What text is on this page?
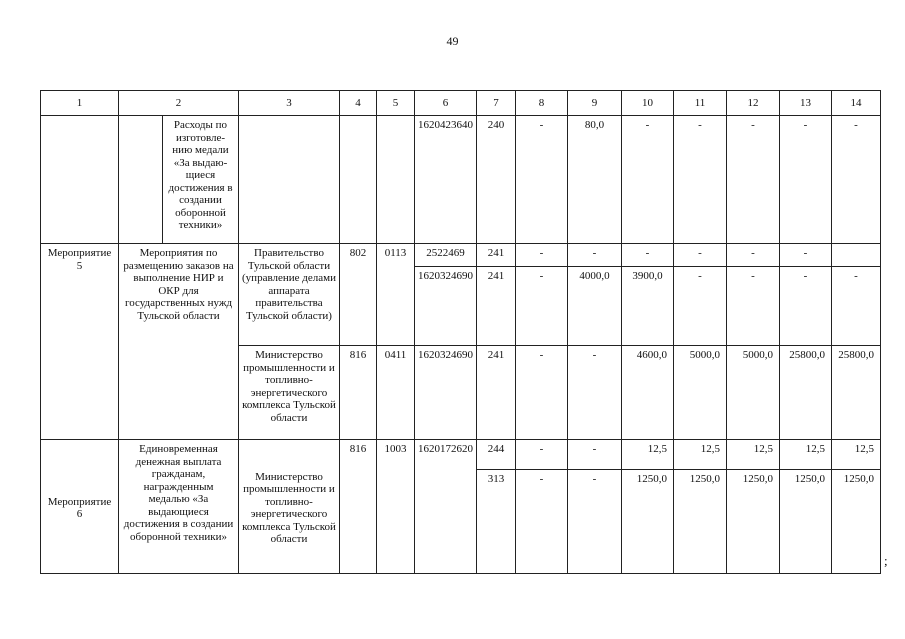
49
1	2		3	4	5	6	7	8	9	10	11	12	13	14
		Расходы по изготовле-нию медали «За выдаю-щиеся достижения в создании оборонной техники»				1620423640	240	-	80,0	-	-	-	-	-
Мероприятие 5	Мероприятия по размещению заказов на выполнение НИР и ОКР для государственных нужд Тульской области		Правительство Тульской области (управление делами аппарата правительства Тульской области)	802	0113	2522469	241	-	-	-	-	-	-	
						1620324690	241	-	4000,0	3900,0	-	-	-	-
			Министерство промышленности и топливно-энергетического комплекса Тульской области	816	0411	1620324690	241	-	-	4600,0	5000,0	5000,0	25800,0	25800,0
Мероприятие 6	Единовременная денежная выплата гражданам, награжденным медалью «За выдающиеся достижения в создании оборонной техники»		Министерство промышленности и топливно-энергетического комплекса Тульской области	816	1003	1620172620	244	-	-	12,5	12,5	12,5	12,5	12,5
							313	-	-	1250,0	1250,0	1250,0	1250,0	1250,0
;
